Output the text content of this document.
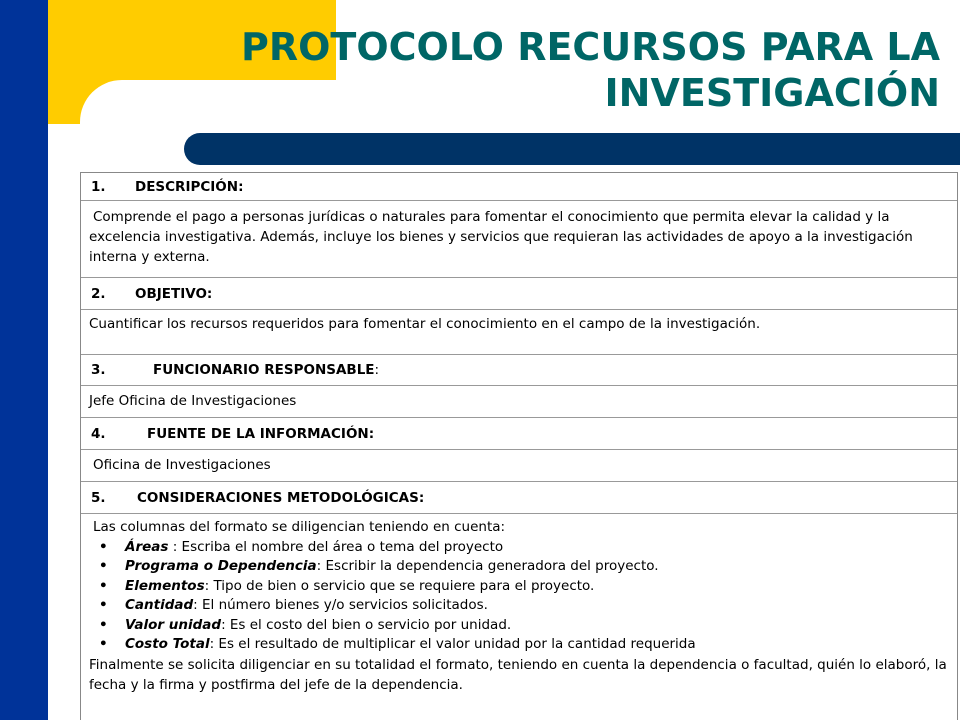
PROTOCOLO RECURSOS PARA LA
INVESTIGACIÓN
1.	DESCRIPCIÓN:
Comprende el pago a personas jurídicas o naturales para fomentar el conocimiento que permita elevar la calidad y la excelencia investigativa. Además, incluye los bienes y servicios que requieran las actividades de apoyo a la investigación interna y externa.
2.	OBJETIVO:
Cuantificar los recursos requeridos para fomentar el conocimiento en el campo de la investigación.
3.	FUNCIONARIO RESPONSABLE :
Jefe Oficina de Investigaciones
4.	FUENTE DE LA INFORMACIÓN:
Oficina de Investigaciones
5.	CONSIDERACIONES METODOLÓGICAS:
Las columnas del formato se diligencian teniendo en cuenta:
• Áreas : Escriba el nombre del área o tema del proyecto
• Programa o Dependencia: Escribir la dependencia generadora del proyecto.
• Elementos: Tipo de bien o servicio que se requiere para el proyecto.
• Cantidad: El número bienes y/o servicios solicitados.
• Valor unidad: Es el costo del bien o servicio por unidad.
• Costo Total: Es el resultado de multiplicar el valor unidad por la cantidad requerida
Finalmente se solicita diligenciar en su totalidad el formato, teniendo en cuenta la dependencia o facultad, quién lo elaboró, la fecha y la firma y postfirma del jefe de la dependencia.
